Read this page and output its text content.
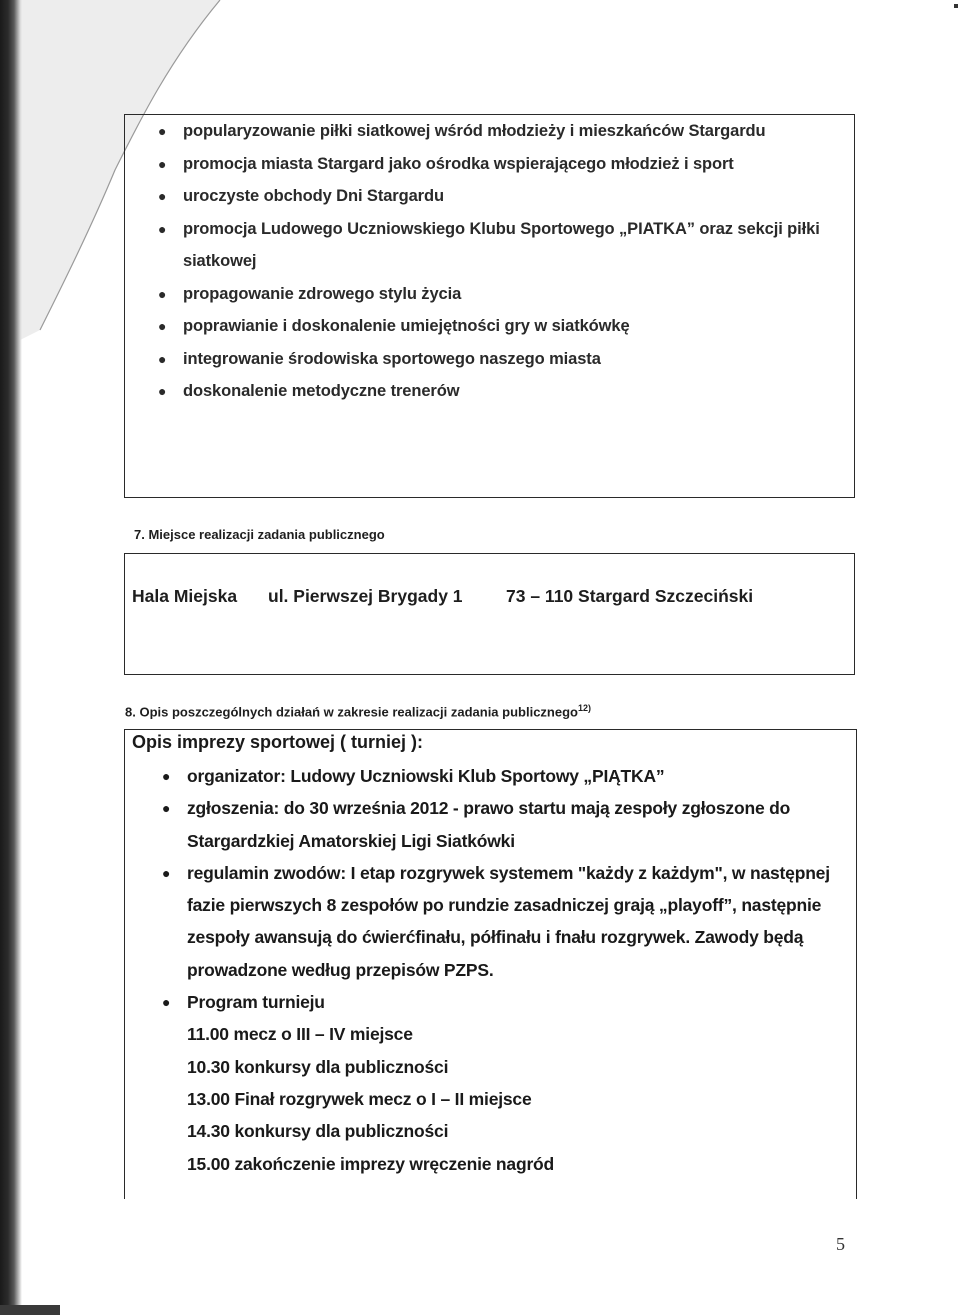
● popularyzowanie piłki siatkowej wśród młodzieży i mieszkańców Stargardu
● promocja miasta Stargard jako ośrodka wspierającego młodzież i sport
● uroczyste obchody Dni Stargardu
● promocja Ludowego Uczniowskiego Klubu Sportowego „PIATKA” oraz sekcji piłki siatkowej
● propagowanie zdrowego stylu życia
● poprawianie i doskonalenie umiejętności gry w siatkówkę
● integrowanie środowiska sportowego naszego miasta
● doskonalenie metodyczne trenerów
7. Miejsce realizacji zadania publicznego
Hala Miejska ul. Pierwszej Brygady 1 73 – 110 Stargard Szczeciński
8. Opis poszczególnych działań w zakresie realizacji zadania publicznego$^{12)}$
Opis imprezy sportowej ( turniej ):
● organizator: Ludowy Uczniowski Klub Sportowy „PIĄTKA”
● zgłoszenia: do 30 września 2012 - prawo startu mają zespoły zgłoszone do Stargardzkiej Amatorskiej Ligi Siatkówki
● regulamin zwodów: I etap rozgrywek systemem "każdy z każdym", w następnej fazie pierwszych 8 zespołów po rundzie zasadniczej grają „playoff”, następnie zespoły awansują do ćwierćfinału, półfinału i fnału rozgrywek. Zawody będą prowadzone według przepisów PZPS.
● Program turnieju
11.00 mecz o III – IV miejsce
10.30 konkursy dla publiczności
13.00 Finał rozgrywek mecz o I – II miejsce
14.30 konkursy dla publiczności
15.00 zakończenie imprezy wręczenie nagród
5
